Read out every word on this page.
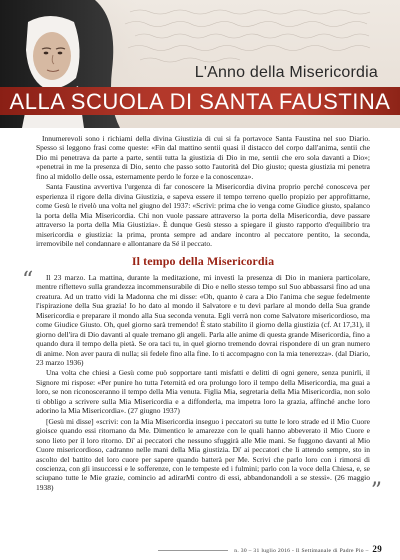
L'Anno della Misericordia
ALLA SCUOLA DI SANTA FAUSTINA

Innumerevoli sono i richiami della divina Giustizia di cui si fa portavoce Santa Faustina nel suo Diario. Spesso si leggono frasi come queste: «Fin dal mattino sentii quasi il distacco del corpo dall'anima, sentii che Dio mi penetrava da parte a parte, sentii tutta la giustizia di Dio in me, sentii che ero sola davanti a Dio»; «penetrai in me la presenza di Dio, sento che passo sotto l'autorità del Dio giusto; questa giustizia mi penetra fino al midollo delle ossa, esternamente perdo le forze e la conoscenza».

Santa Faustina avvertiva l'urgenza di far conoscere la Misericordia divina proprio perché conosceva per esperienza il rigore della divina Giustizia, e sapeva essere il tempo terreno quello propizio per approfittarne, come Gesù le rivelò una volta nel giugno del 1937: «Scrivi: prima che io venga come Giudice giusto, spalanco la porta della Mia Misericordia. Chi non vuole passare attraverso la porta della Misericordia, deve passare attraverso la porta della Mia Giustizia». È dunque Gesù stesso a spiegare il giusto rapporto d'equilibrio tra misericordia e giustizia: la prima, pronta sempre ad andare incontro al peccatore pentito, la seconda, irremovibile nel condannare e allontanare da Sé il peccato.

Il tempo della Misericordia
“	Il 23 marzo. La mattina, durante la meditazione, mi investì la presenza di Dio in maniera particolare, mentre riflettevo sulla grandezza incommensurabile di Dio e nello stesso tempo sul Suo abbassarsi fino ad una creatura. Ad un tratto vidi la Madonna che mi disse: «Oh, quanto è cara a Dio l'anima che segue fedelmente l'ispirazione della Sua grazia! Io ho dato al mondo il Salvatore e tu devi parlare al mondo della Sua grande Misericordia e preparare il mondo alla Sua seconda venuta. Egli verrà non come Salvatore misericordioso, ma come Giudice Giusto. Oh, quel giorno sarà tremendo! È stato stabilito il giorno della giustizia (cf. At 17,31), il giorno dell'ira di Dio davanti al quale tremano gli angeli. Parla alle anime di questa grande Misericordia, fino a quando dura il tempo della pietà. Se ora taci tu, in quel giorno tremendo dovrai rispondere di un gran numero di anime. Non aver paura di nulla; sii fedele fino alla fine. Io ti accompagno con la mia tenerezza». (dal Diario, 23 marzo 1936)

Una volta che chiesi a Gesù come può sopportare tanti misfatti e delitti di ogni genere, senza punirli, il Signore mi rispose: «Per punire ho tutta l'eternità ed ora prolungo loro il tempo della Misericordia, ma guai a loro, se non riconosceranno il tempo della Mia venuta. Figlia Mia, segretaria della Mia Misericordia, non solo ti obbligo a scrivere sulla Mia Misericordia e a diffonderla, ma impetra loro la grazia, affinché anche loro adorino la Mia Misericordia». (27 giugno 1937)

[Gesù mi disse] «scrivi: con la Mia Misericordia inseguo i peccatori su tutte le loro strade ed il Mio Cuore gioisce quando essi ritornano da Me. Dimentico le amarezze con le quali hanno abbeverato il Mio Cuore e sono lieto per il loro ritorno. Di' ai peccatori che nessuno sfuggirà alle Mie mani. Se fuggono davanti al Mio Cuore misericordioso, cadranno nelle mani della Mia giustizia. Di' ai peccatori che li attendo sempre, sto in ascolto del battito del loro cuore per sapere quando batterà per Me. Scrivi che parlo loro con i rimorsi di coscienza, con gli insuccessi e le sofferenze, con le tempeste ed i fulmini; parlo con la voce della Chiesa, e, se sciupano tutte le Mie grazie, comincio ad adirarMi contro di essi, abbandonandoli a se stessi». (26 maggio 1938)	”
n. 30 – 31 luglio 2016 - Il Settimanale di Padre Pio – 29
